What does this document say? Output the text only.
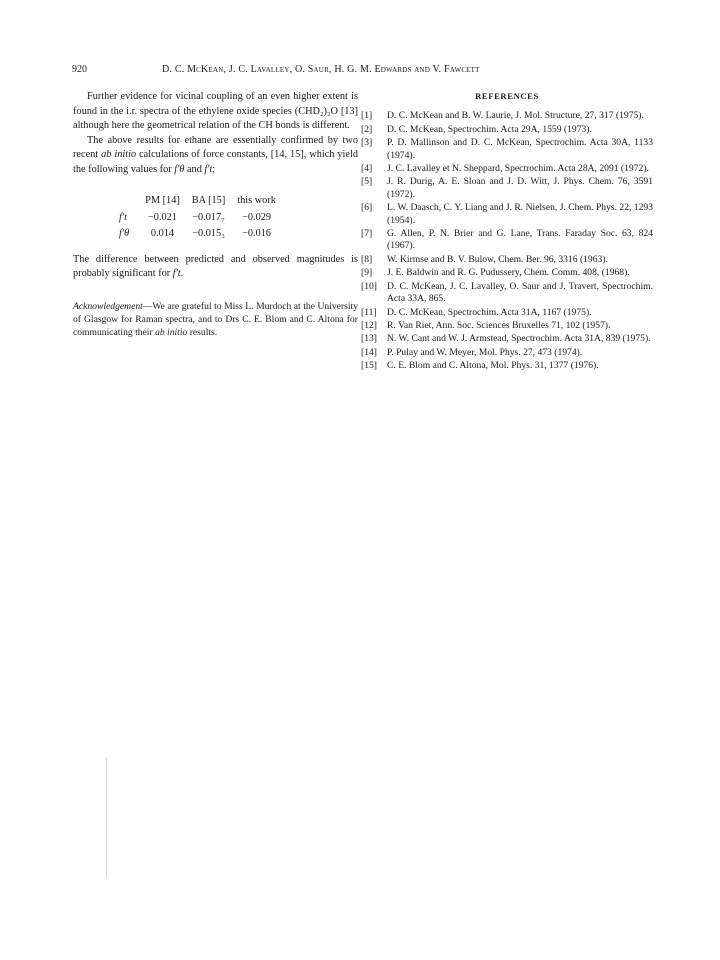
920	D. C. McKean, J. C. Lavalley, O. Saur, H. G. M. Edwards and V. Fawcett

Further evidence for vicinal coupling of an even higher extent is found in the i.r. spectra of the ethylene oxide species (CHD₂)₂O [13] although here the geometrical relation of the CH bonds is different.

The above results for ethane are essentially confirmed by two recent ab initio calculations of force constants, [14, 15], which yield the following values for f′θ and f′t;

	PM [14]	BA [15]	this work
f′t	−0.021	−0.017₇	−0.029
f′θ	0.014	−0.015₃	−0.016

The difference between predicted and observed magnitudes is probably significant for f′t.

Acknowledgement—We are grateful to Miss L. Murdoch at the University of Glasgow for Raman spectra, and to Drs C. E. Blom and C. Altona for communicating their ab initio results.

REFERENCES
[1]	D. C. McKean and B. W. Laurie, J. Mol. Structure, 27, 317 (1975).
[2]	D. C. McKean, Spectrochim. Acta 29A, 1559 (1973).
[3]	P. D. Mallinson and D. C. McKean, Spectrochim. Acta 30A, 1133 (1974).
[4]	J. C. Lavalley et N. Sheppard, Spectrochim. Acta 28A, 2091 (1972).
[5]	J. R. Durig, A. E. Sloan and J. D. Witt, J. Phys. Chem. 76, 3591 (1972).
[6]	L. W. Daasch, C. Y. Liang and J. R. Nielsen, J. Chem. Phys. 22, 1293 (1954).
[7]	G. Allen, P. N. Brier and G. Lane, Trans. Faraday Soc. 63, 824 (1967).
[8]	W. Kirmse and B. V. Bulow, Chem. Ber. 96, 3316 (1963).
[9]	J. E. Baldwin and R. G. Pudussery, Chem. Comm. 408, (1968).
[10]	D. C. McKean, J. C. Lavalley, O. Saur and J. Travert, Spectrochim. Acta 33A, 865.
[11]	D. C. McKean, Spectrochim. Acta 31A, 1167 (1975).
[12]	R. Van Riet, Ann. Soc. Sciences Bruxelles 71, 102 (1957).
[13]	N. W. Cant and W. J. Armstead, Spectrochim. Acta 31A, 839 (1975).
[14]	P. Pulay and W. Meyer, Mol. Phys. 27, 473 (1974).
[15]	C. E. Blom and C. Altona, Mol. Phys. 31, 1377 (1976).
